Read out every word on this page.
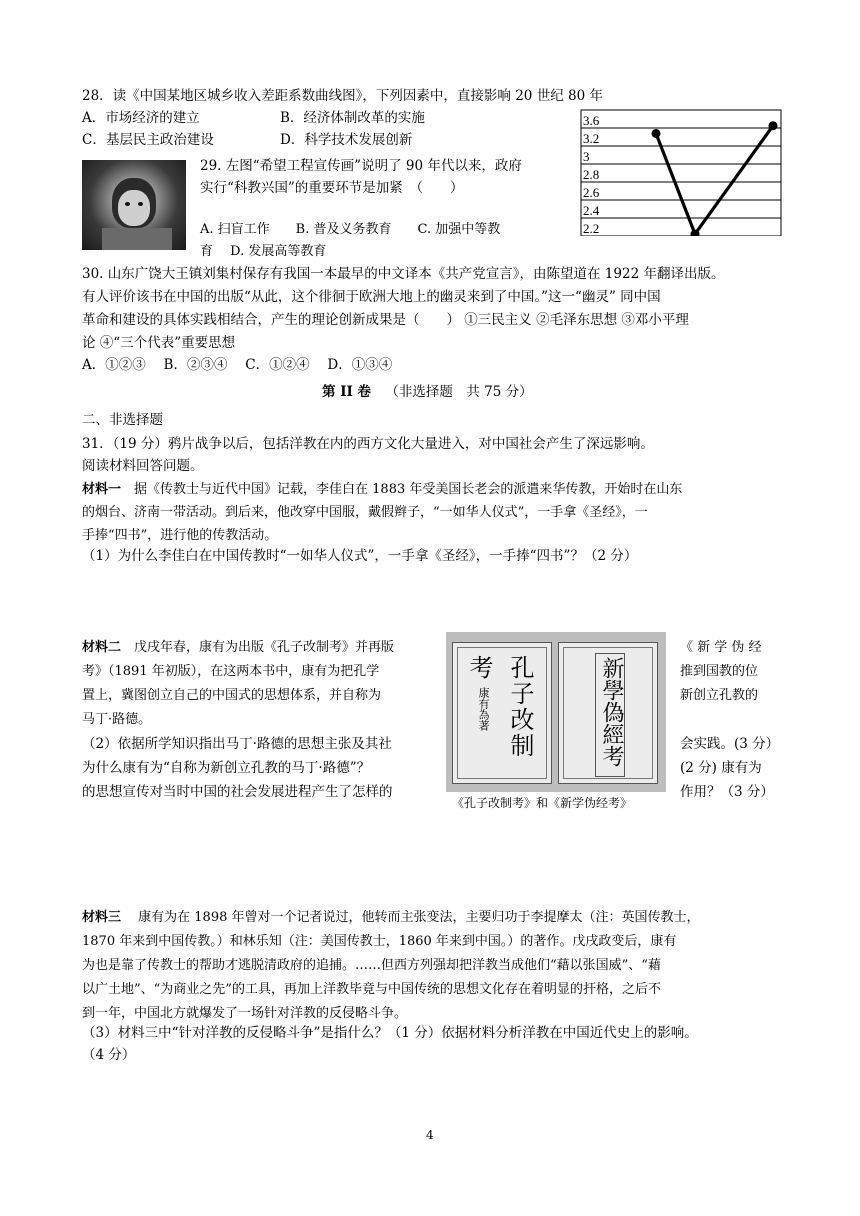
28．读《中国某地区城乡收入差距系数曲线图》，下列因素中，直接影响 20 世纪 80 年
A．市场经济的建立	B．经济体制改革的实施
C．基层民主政治建设	D．科学技术发展创新
3.6
3.2
3
2.8
2.6
2.4
2.2
29. 左图“希望工程宣传画”说明了 90 年代以来，政府
实行“科教兴国”的重要环节是加紧　（　　）
A. 扫盲工作　　B. 普及义务教育　　C. 加强中等教
育　 D. 发展高等教育
30. 山东广饶大王镇刘集村保存有我国一本最早的中文译本《共产党宣言》，由陈望道在 1922 年翻译出版。
有人评价该书在中国的出版“从此，这个徘徊于欧洲大地上的幽灵来到了中国。”这一“幽灵” 同中国
革命和建设的具体实践相结合，产生的理论创新成果是（　　） ①三民主义 ②毛泽东思想 ③邓小平理
论 ④“三个代表”重要思想
A．①②③　 B．②③④　 C．①②④　 D．①③④
第 II 卷 （非选择题　共 75 分）
二、非选择题
31．（19 分）鸦片战争以后，包括洋教在内的西方文化大量进入，对中国社会产生了深远影响。
阅读材料回答问题。
材料一　据《传教士与近代中国》记载，李佳白在 1883 年受美国长老会的派遣来华传教，开始时在山东
的烟台、济南一带活动。到后来，他改穿中国服，戴假辫子，“一如华人仪式”，一手拿《圣经》，一
手捧“四书”，进行他的传教活动。
（1）为什么李佳白在中国传教时“一如华人仪式”，一手拿《圣经》，一手捧“四书”？（2 分）
材料二　戊戌年春，康有为出版《孔子改制考》并再版
考》（1891 年初版），在这两本书中，康有为把孔学
置上，冀图创立自己的中国式的思想体系，并自称为
马丁·路德。
（2）依据所学知识指出马丁·路德的思想主张及其社
为什么康有为“自称为新创立孔教的马丁·路德”？
的思想宣传对当时中国的社会发展进程产生了怎样的
《 新 学 伪 经
推到国教的位
新创立孔教的
会实践。(3 分）
(2 分) 康有为
作用？（3 分）
孔子改
制
考
康有為著	新學偽
經考
《孔子改制考》和《新学伪经考》
材料三　 康有为在 1898 年曾对一个记者说过，他转而主张变法，主要归功于李提摩太（注：英国传教士，
1870 年来到中国传教。）和林乐知（注：美国传教士，1860 年来到中国。）的著作。戊戌政变后，康有
为也是靠了传教士的帮助才逃脱清政府的追捕。……但西方列强却把洋教当成他们“藉以张国威”、“藉
以广土地”、“为商业之先”的工具，再加上洋教毕竟与中国传统的思想文化存在着明显的扞格，之后不
到一年，中国北方就爆发了一场针对洋教的反侵略斗争。
（3）材料三中“针对洋教的反侵略斗争”是指什么？（1 分）依据材料分析洋教在中国近代史上的影响。
（4 分）
4
